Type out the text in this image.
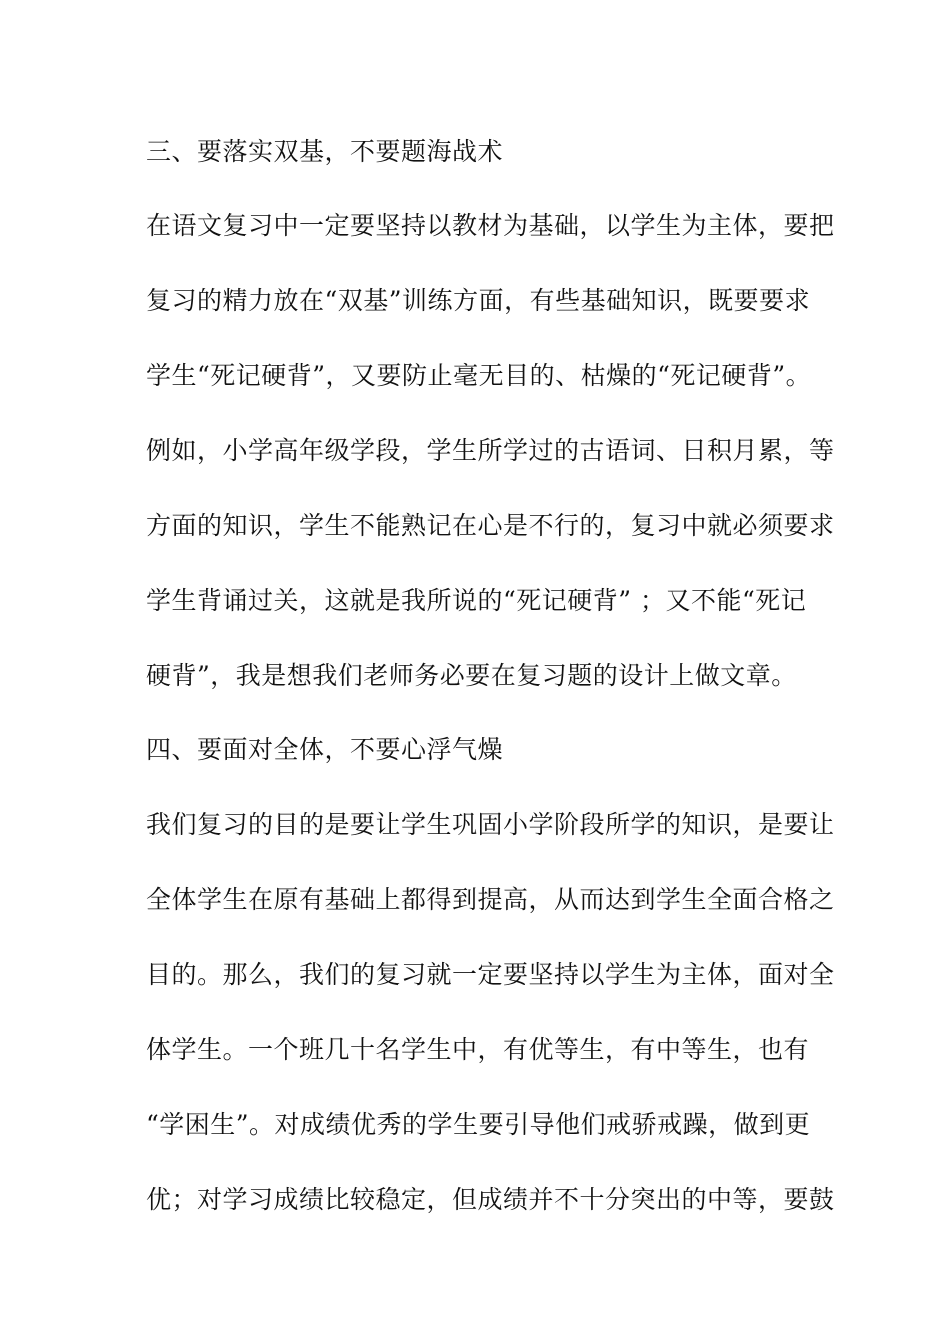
三、要落实双基，不要题海战术
在语文复习中一定要坚持以教材为基础，以学生为主体，要把
复习的精力放在“双基”训练方面，有些基础知识，既要要求
学生“死记硬背”，又要防止毫无目的、枯燥的“死记硬背”。
例如，小学高年级学段，学生所学过的古语词、日积月累，等
方面的知识，学生不能熟记在心是不行的，复习中就必须要求
学生背诵过关，这就是我所说的“死记硬背” ；又不能“死记
硬背”，我是想我们老师务必要在复习题的设计上做文章。
四、要面对全体，不要心浮气燥
我们复习的目的是要让学生巩固小学阶段所学的知识，是要让
全体学生在原有基础上都得到提高，从而达到学生全面合格之
目的。那么，我们的复习就一定要坚持以学生为主体，面对全
体学生。一个班几十名学生中，有优等生，有中等生，也有
“学困生”。对成绩优秀的学生要引导他们戒骄戒躁，做到更
优；对学习成绩比较稳定，但成绩并不十分突出的中等，要鼓
